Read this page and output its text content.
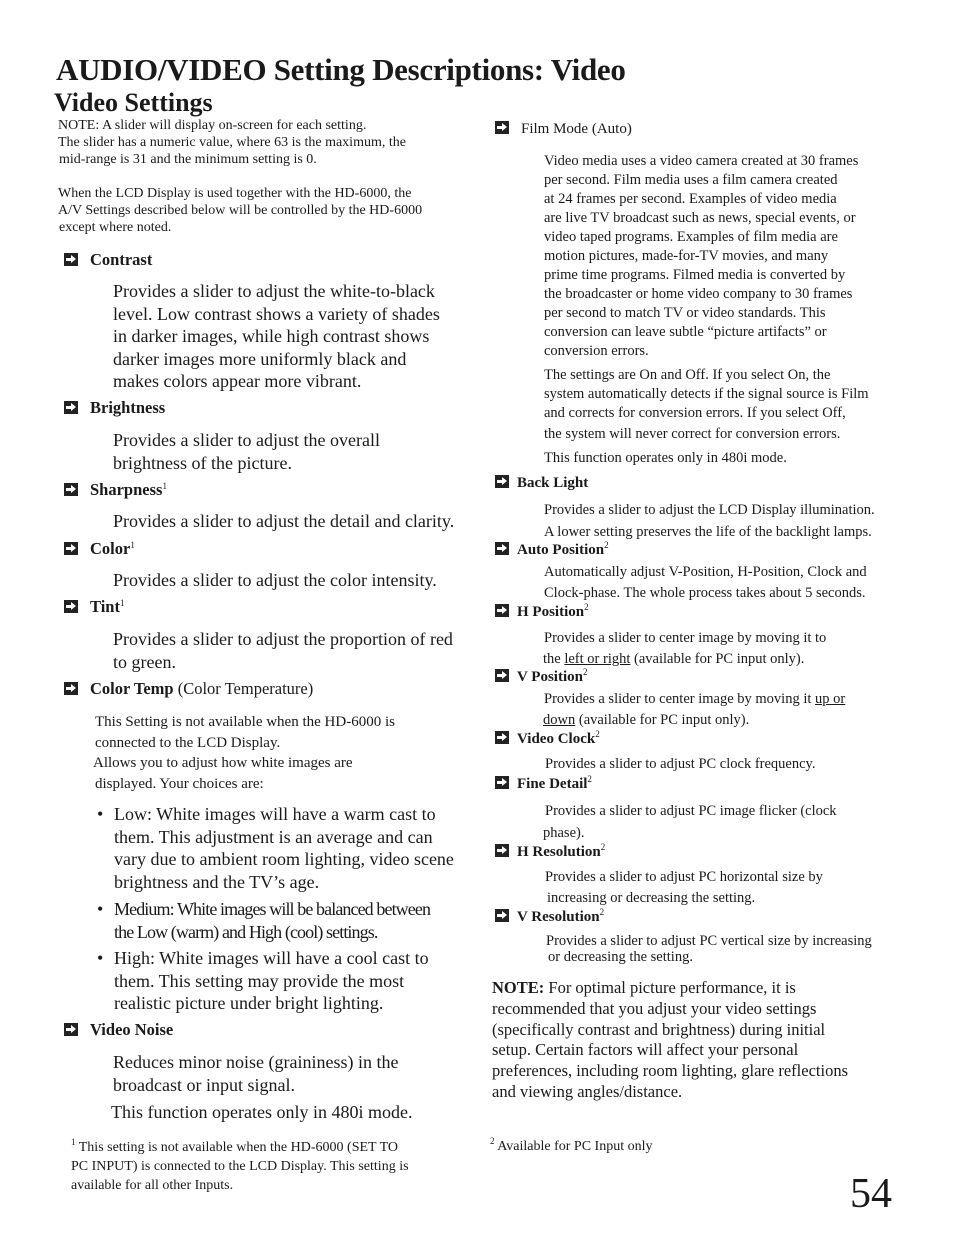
AUDIO/VIDEO Setting Descriptions: Video
Video Settings
NOTE: A slider will display on-screen for each setting.
The slider has a numeric value, where 63 is the maximum, the
mid-range is 31 and the minimum setting is 0.
When the LCD Display is used together with the HD-6000, the
A/V Settings described below will be controlled by the HD-6000
except where noted.
Contrast
Provides a slider to adjust the white-to-black
level. Low contrast shows a variety of shades
in darker images, while high contrast shows
darker images more uniformly black and
makes colors appear more vibrant.
Brightness
Provides a slider to adjust the overall
brightness of the picture.
Sharpness$^1$
Provides a slider to adjust the detail and clarity.
Color$^1$
Provides a slider to adjust the color intensity.
Tint$^1$
Provides a slider to adjust the proportion of red
to green.
Color Temp (Color Temperature)
This Setting is not available when the HD-6000 is
connected to the LCD Display.
Allows you to adjust how white images are
displayed. Your choices are:
• Low: White images will have a warm cast to
them. This adjustment is an average and can
vary due to ambient room lighting, video scene
brightness and the TV’s age.
• Medium: White images will be balanced between
the Low (warm) and High (cool) settings.
• High: White images will have a cool cast to
them. This setting may provide the most
realistic picture under bright lighting.
Video Noise
Reduces minor noise (graininess) in the
broadcast or input signal.
This function operates only in 480i mode.
$^1$ This setting is not available when the HD-6000 (SET TO
PC INPUT) is connected to the LCD Display. This setting is
available for all other Inputs.
Film Mode (Auto)
Video media uses a video camera created at 30 frames
per second. Film media uses a film camera created
at 24 frames per second. Examples of video media
are live TV broadcast such as news, special events, or
video taped programs. Examples of film media are
motion pictures, made-for-TV movies, and many
prime time programs. Filmed media is converted by
the broadcaster or home video company to 30 frames
per second to match TV or video standards. This
conversion can leave subtle “picture artifacts” or
conversion errors.
The settings are On and Off. If you select On, the
system automatically detects if the signal source is Film
and corrects for conversion errors. If you select Off,
the system will never correct for conversion errors.
This function operates only in 480i mode.
Back Light
Provides a slider to adjust the LCD Display illumination.
A lower setting preserves the life of the backlight lamps.
Auto Position$^2$
Automatically adjust V-Position, H-Position, Clock and
Clock-phase. The whole process takes about 5 seconds.
H Position$^2$
Provides a slider to center image by moving it to
the left or right (available for PC input only).
V Position$^2$
Provides a slider to center image by moving it up or
down (available for PC input only).
Video Clock$^2$
Provides a slider to adjust PC clock frequency.
Fine Detail$^2$
Provides a slider to adjust PC image flicker (clock
phase).
H Resolution$^2$
Provides a slider to adjust PC horizontal size by
increasing or decreasing the setting.
V Resolution$^2$
Provides a slider to adjust PC vertical size by increasing
or decreasing the setting.
NOTE: For optimal picture performance, it is
recommended that you adjust your video settings
(specifically contrast and brightness) during initial
setup. Certain factors will affect your personal
preferences, including room lighting, glare reflections
and viewing angles/distance.
$^2$ Available for PC Input only
54
